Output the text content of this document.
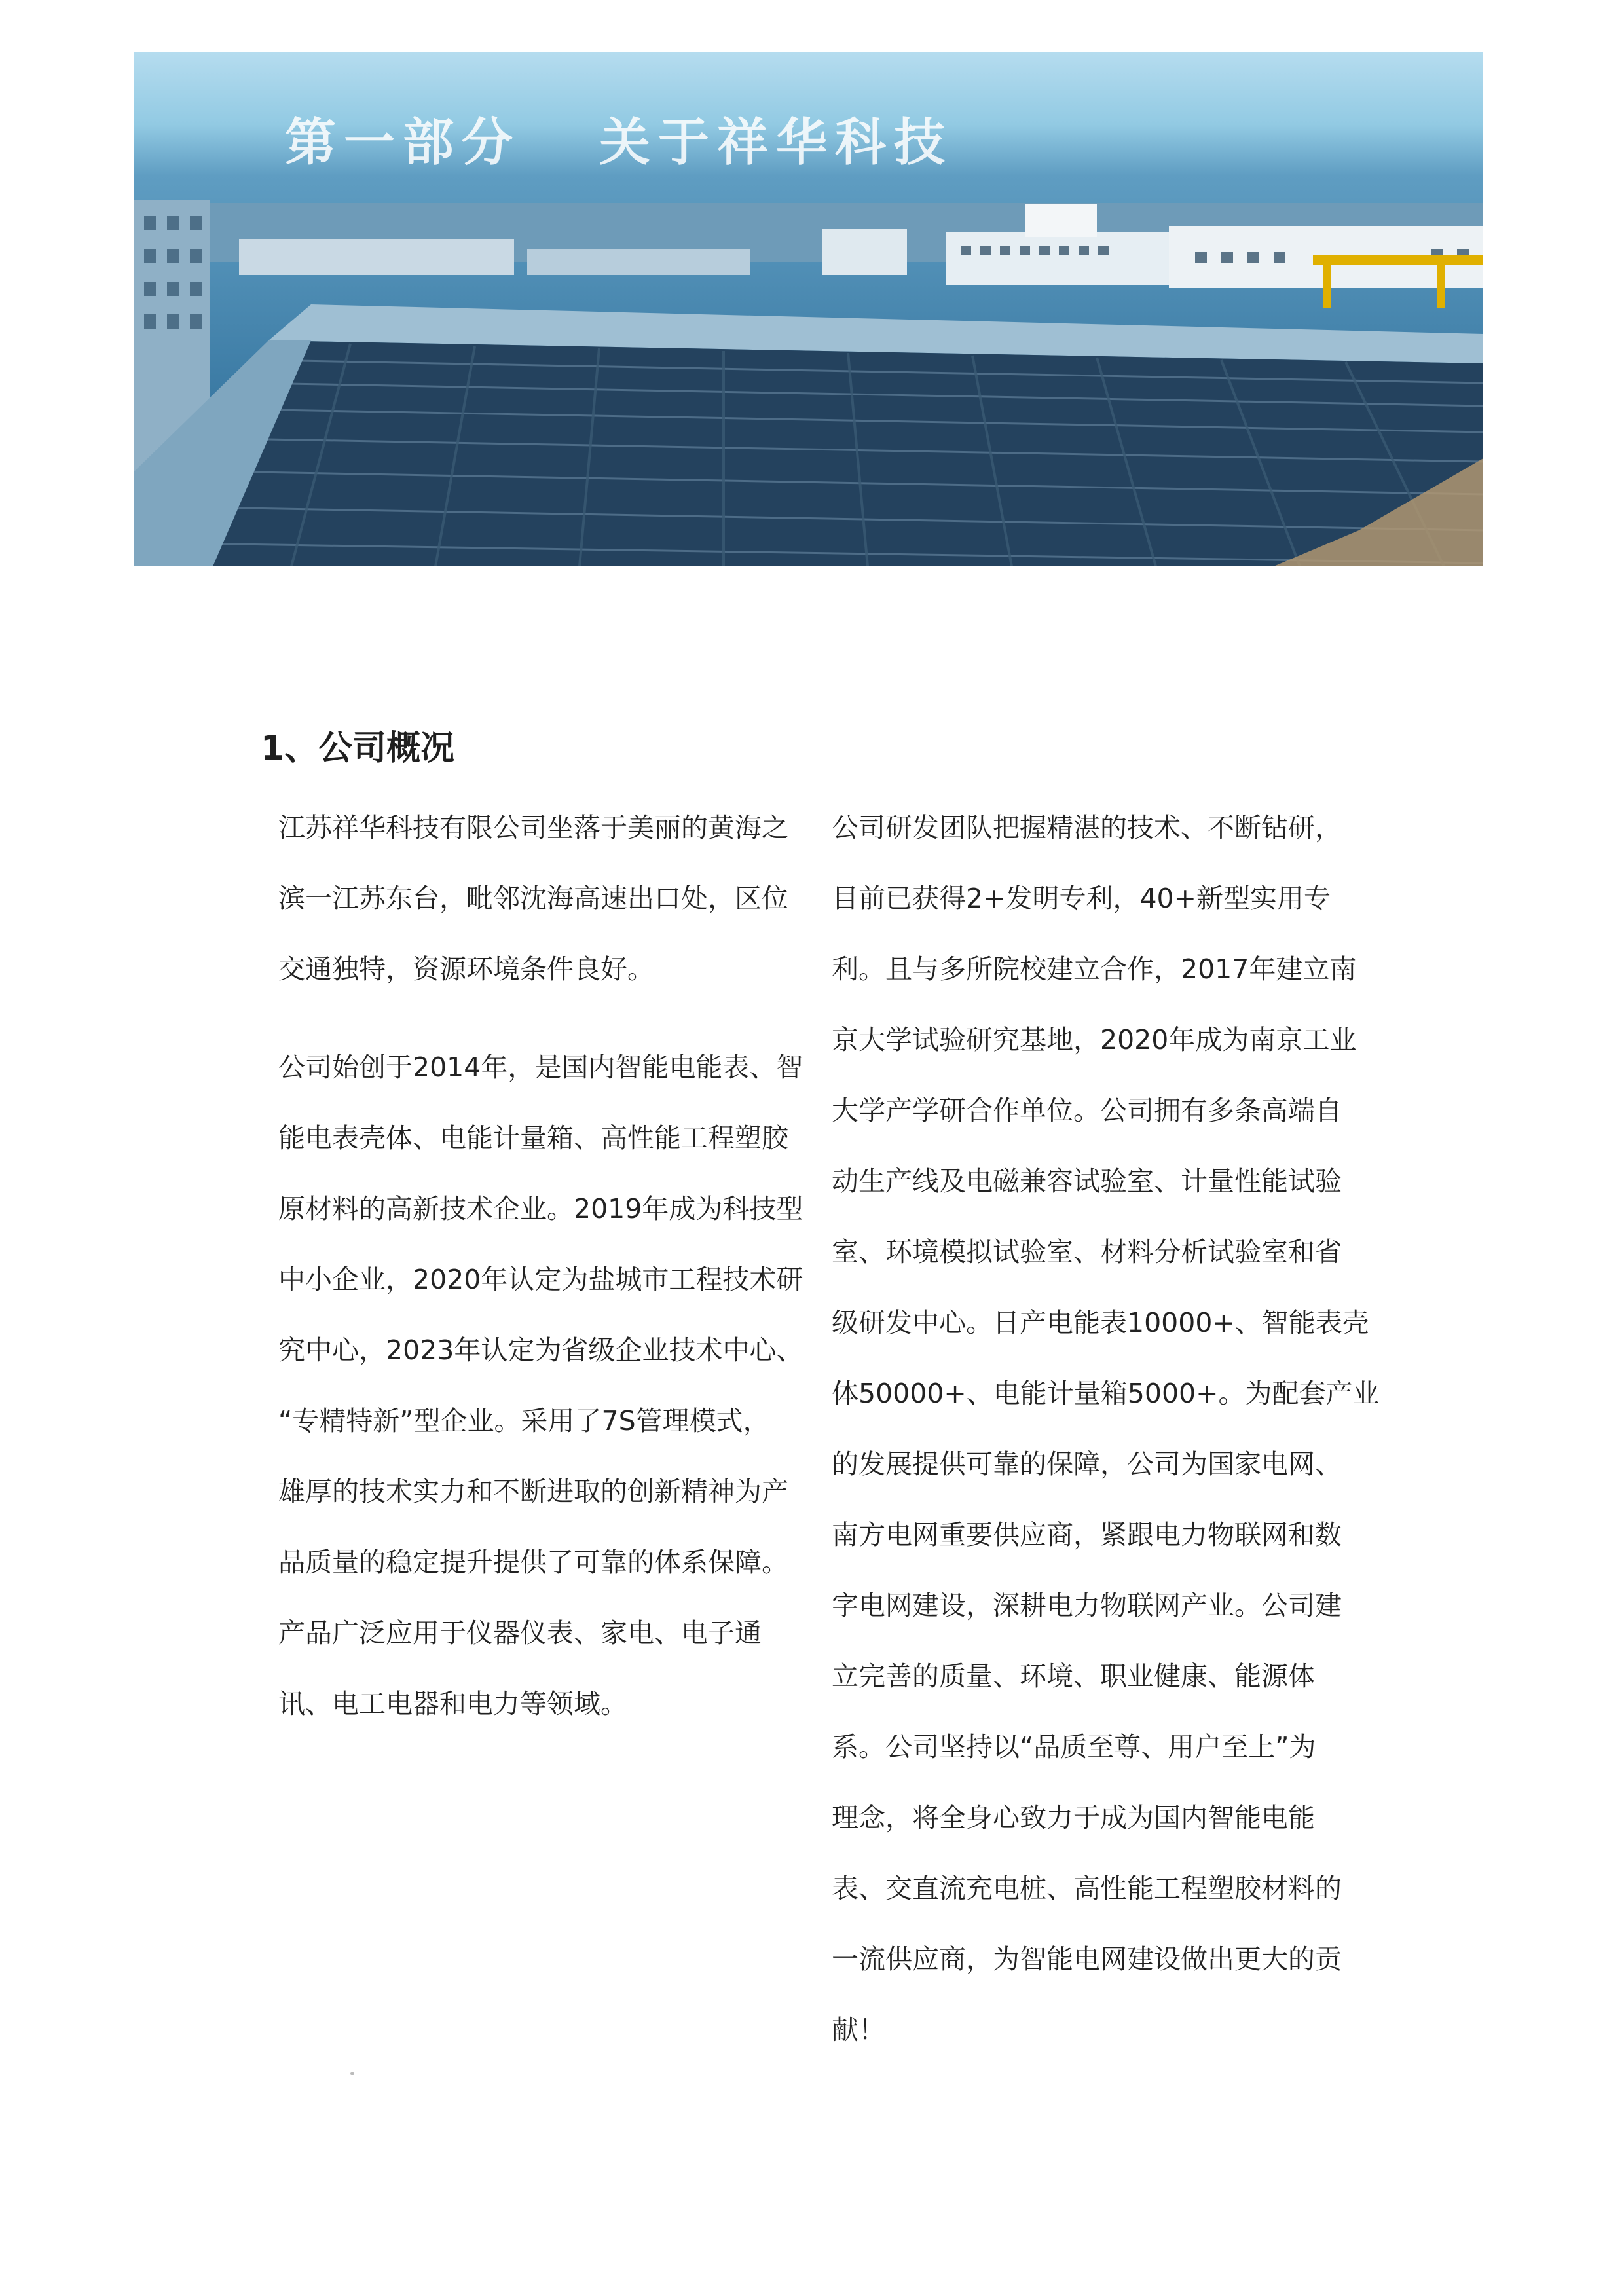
第一部分 关于祥华科技
1、公司概况

江苏祥华科技有限公司坐落于美丽的黄海之
滨一江苏东台，毗邻沈海高速出口处，区位
交通独特，资源环境条件良好。

公司始创于2014年，是国内智能电能表、智
能电表壳体、电能计量箱、高性能工程塑胶
原材料的高新技术企业。2019年成为科技型
中小企业，2020年认定为盐城市工程技术研
究中心，2023年认定为省级企业技术中心、
“专精特新”型企业。采用了7S管理模式，
雄厚的技术实力和不断进取的创新精神为产
品质量的稳定提升提供了可靠的体系保障。
产品广泛应用于仪器仪表、家电、电子通
讯、电工电器和电力等领域。

公司研发团队把握精湛的技术、不断钻研，
目前已获得2+发明专利，40+新型实用专
利。且与多所院校建立合作，2017年建立南
京大学试验研究基地，2020年成为南京工业
大学产学研合作单位。公司拥有多条高端自
动生产线及电磁兼容试验室、计量性能试验
室、环境模拟试验室、材料分析试验室和省
级研发中心。日产电能表10000+、智能表壳
体50000+、电能计量箱5000+。为配套产业
的发展提供可靠的保障，公司为国家电网、
南方电网重要供应商，紧跟电力物联网和数
字电网建设，深耕电力物联网产业。公司建
立完善的质量、环境、职业健康、能源体
系。公司坚持以“品质至尊、用户至上”为
理念，将全身心致力于成为国内智能电能
表、交直流充电桩、高性能工程塑胶材料的
一流供应商，为智能电网建设做出更大的贡
献！
